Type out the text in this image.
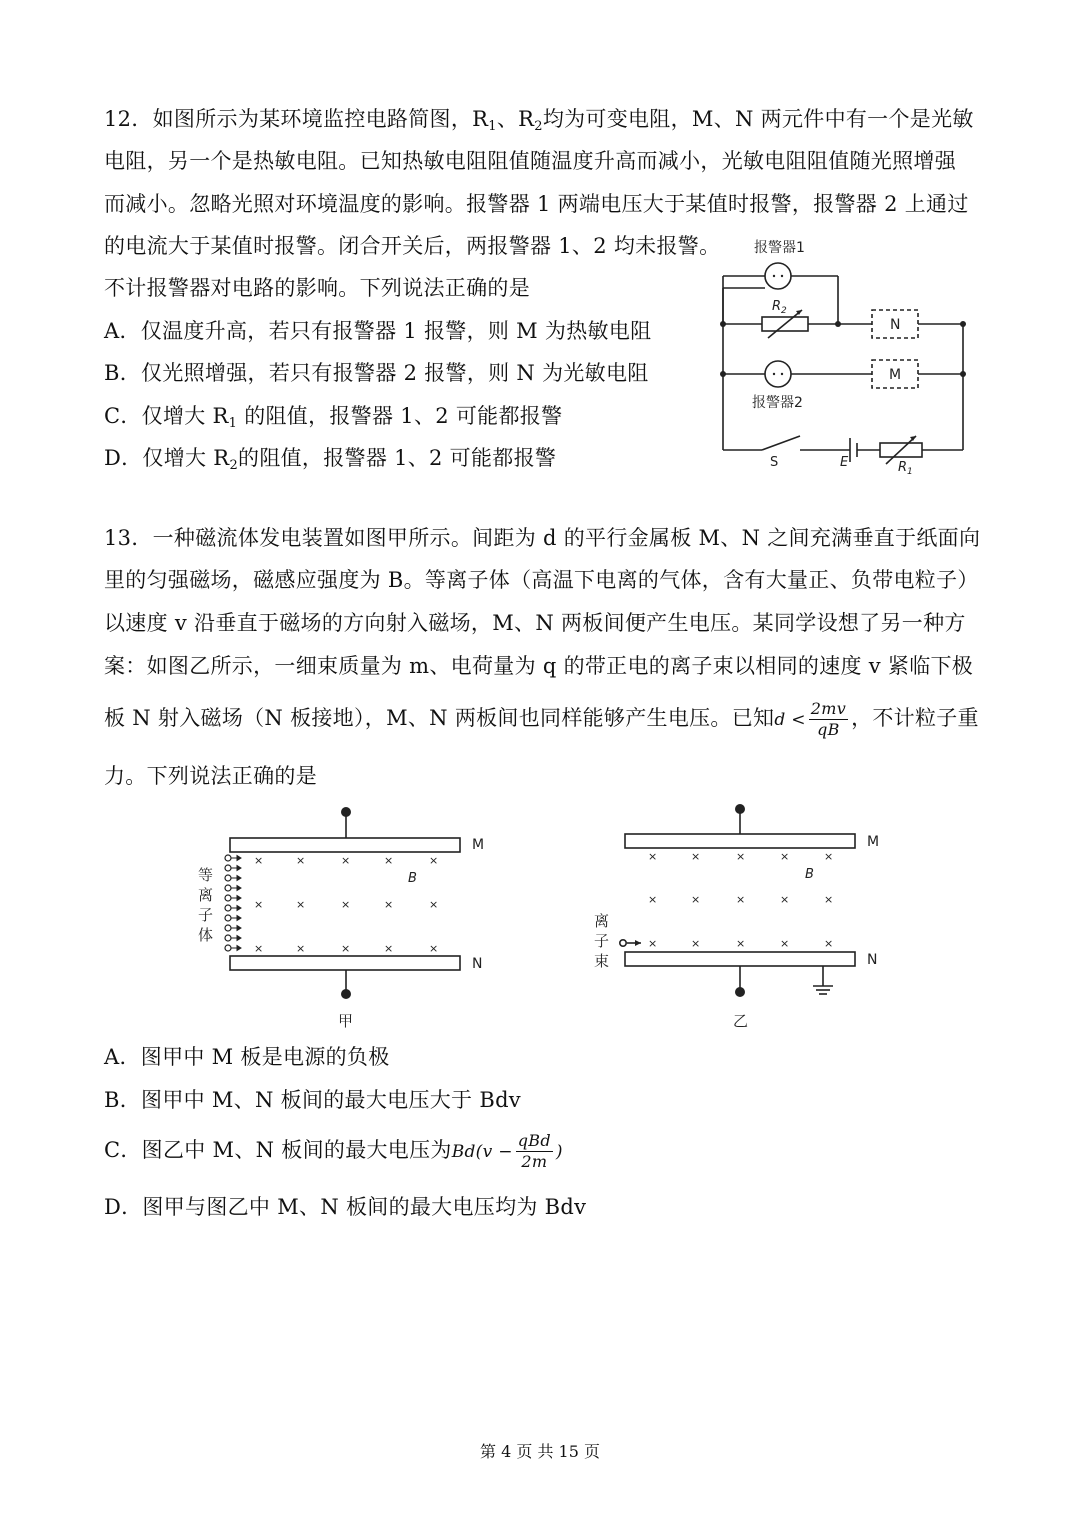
12．如图所示为某环境监控电路简图，$R_1$、$R_2$均为可变电阻，M、N 两元件中有一个是光敏
电阻，另一个是热敏电阻。已知热敏电阻阻值随温度升高而减小，光敏电阻阻值随光照增强
而减小。忽略光照对环境温度的影响。报警器 1 两端电压大于某值时报警，报警器 2 上通过
的电流大于某值时报警。闭合开关后，两报警器 1、2 均未报警。
不计报警器对电路的影响。下列说法正确的是
A．仅温度升高，若只有报警器 1 报警，则 M 为热敏电阻
B．仅光照增强，若只有报警器 2 报警，则 N 为光敏电阻
C．仅增大 $R_1$ 的阻值，报警器 1、2 可能都报警
D．仅增大 $R_2$的阻值，报警器 1、2 可能都报警
报警器1
报警器2
R 2
N
M
S	E	R 1
13．一种磁流体发电装置如图甲所示。间距为 d 的平行金属板 M、N 之间充满垂直于纸面向
里的匀强磁场，磁感应强度为 B。等离子体（高温下电离的气体，含有大量正、负带电粒子）
以速度 v 沿垂直于磁场的方向射入磁场，M、N 两板间便产生电压。某同学设想了另一种方
案：如图乙所示，一细束质量为 m、电荷量为 q 的带正电的离子束以相同的速度 v 紧临下极
板 N 射入磁场（N 板接地），M、N 两板间也同样能够产生电压。已知$d < \frac{2mv}{qB}$ ，不计粒子重
力。下列说法正确的是
×	×	×	×	×
×	×	×	×	×
×	×	×	×	×
M
N
B
等
离
子
体
甲
×	×	×	×	×
×	×	×	×	×
×	×	×	×	×
M
N
B
离
子
束
乙
A．图甲中 M 板是电源的负极
B．图甲中 M、N 板间的最大电压大于 Bdv
C．图乙中 M、N 板间的最大电压为$Bd(v - \frac{\text{qBd}}{2m}$ )
D．图甲与图乙中 M、N 板间的最大电压均为 Bdv
第 4 页 共 15 页
